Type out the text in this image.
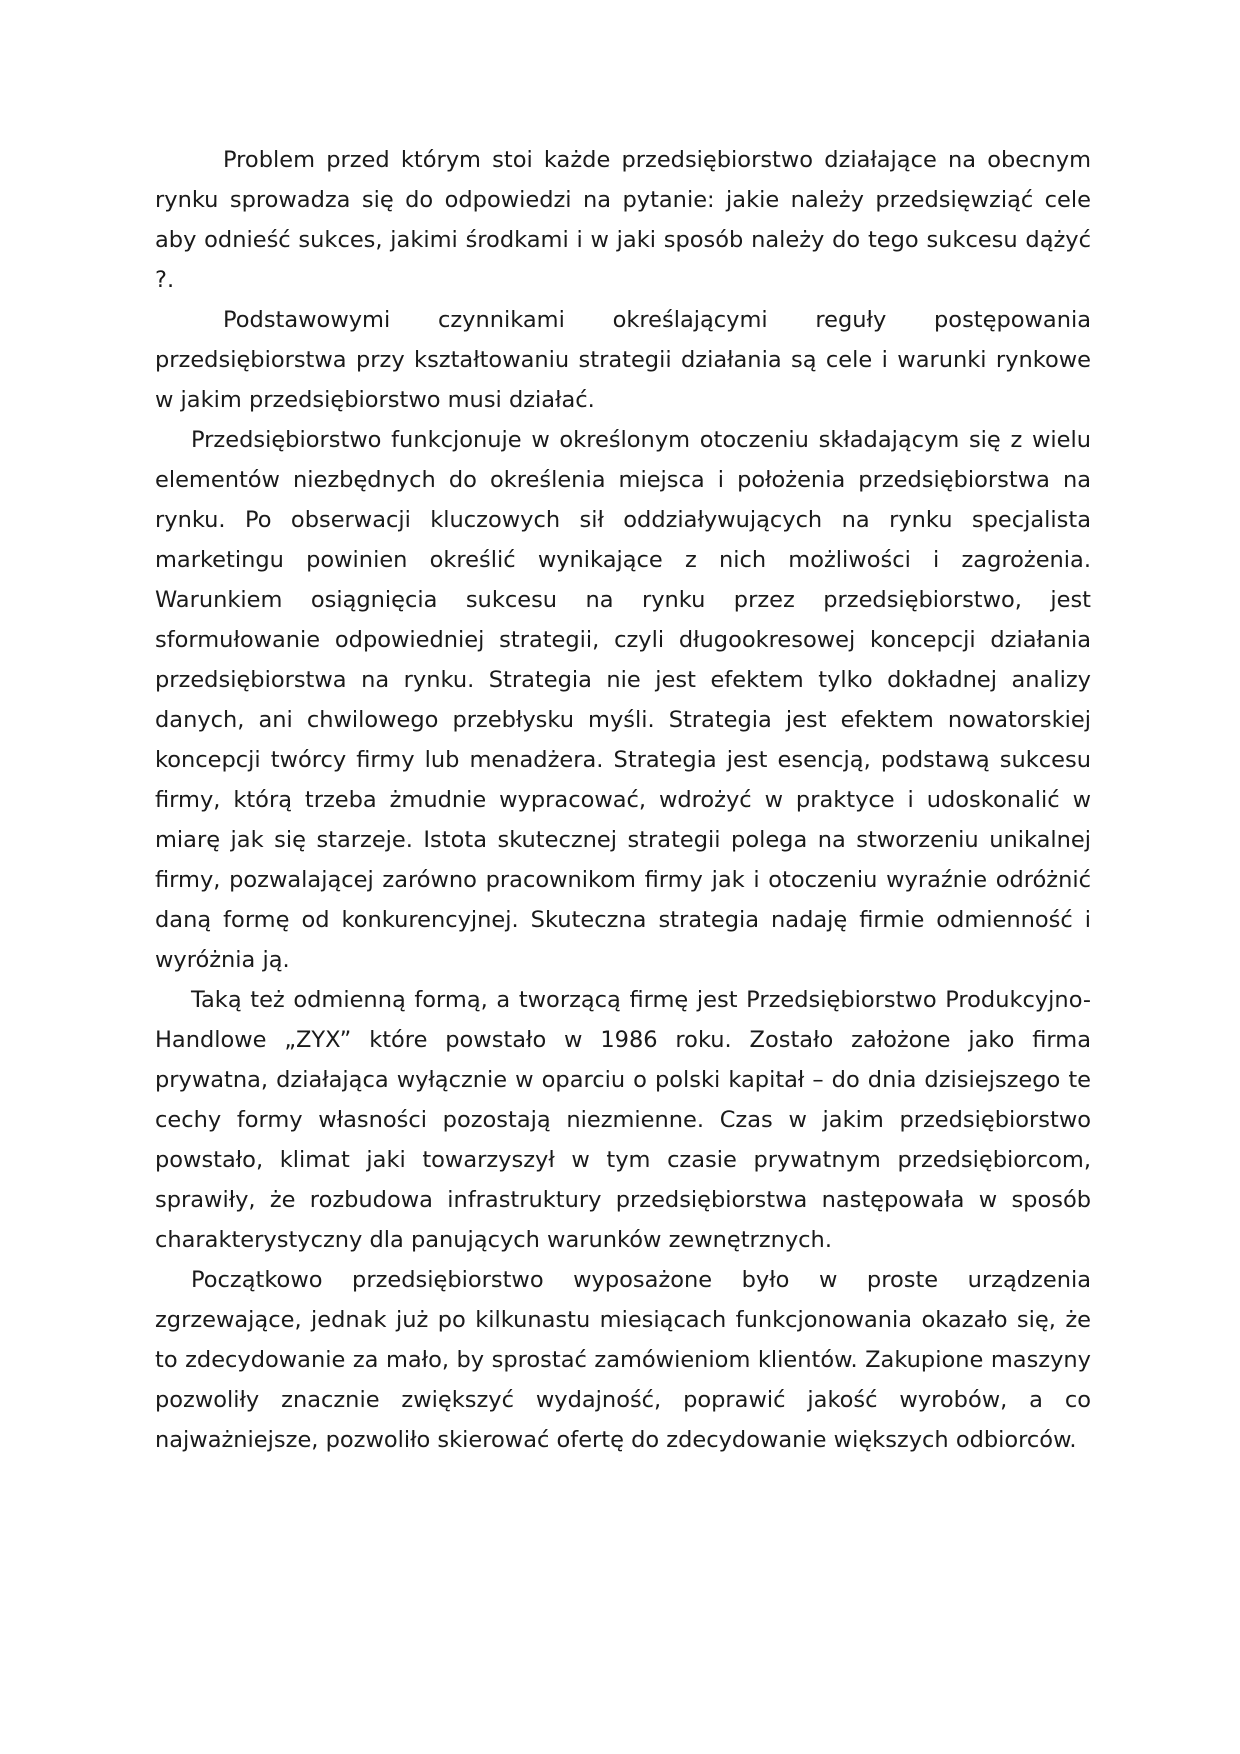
Problem przed którym stoi każde przedsiębiorstwo działające na obecnym rynku sprowadza się do odpowiedzi na pytanie: jakie należy przedsięwziąć cele aby odnieść sukces, jakimi środkami i w jaki sposób należy do tego sukcesu dążyć ?.

Podstawowymi czynnikami określającymi reguły postępowania przedsiębiorstwa przy kształtowaniu strategii działania są cele i warunki rynkowe w jakim przedsiębiorstwo musi działać.

Przedsiębiorstwo funkcjonuje w określonym otoczeniu składającym się z wielu elementów niezbędnych do określenia miejsca i położenia przedsiębiorstwa na rynku. Po obserwacji kluczowych sił oddziaływujących na rynku specjalista marketingu powinien określić wynikające z nich możliwości i zagrożenia. Warunkiem osiągnięcia sukcesu na rynku przez przedsiębiorstwo, jest sformułowanie odpowiedniej strategii, czyli długookresowej koncepcji działania przedsiębiorstwa na rynku. Strategia nie jest efektem tylko dokładnej analizy danych, ani chwilowego przebłysku myśli. Strategia jest efektem nowatorskiej koncepcji twórcy firmy lub menadżera. Strategia jest esencją, podstawą sukcesu firmy, którą trzeba żmudnie wypracować, wdrożyć w praktyce i udoskonalić w miarę jak się starzeje. Istota skutecznej strategii polega na stworzeniu unikalnej firmy, pozwalającej zarówno pracownikom firmy jak i otoczeniu wyraźnie odróżnić daną formę od konkurencyjnej. Skuteczna strategia nadaję firmie odmienność i wyróżnia ją.

Taką też odmienną formą, a tworzącą firmę jest Przedsiębiorstwo Produkcyjno-Handlowe „ZYX” które powstało w 1986 roku. Zostało założone jako firma prywatna, działająca wyłącznie w oparciu o polski kapitał – do dnia dzisiejszego te cechy formy własności pozostają niezmienne. Czas w jakim przedsiębiorstwo powstało, klimat jaki towarzyszył w tym czasie prywatnym przedsiębiorcom, sprawiły, że rozbudowa infrastruktury przedsiębiorstwa następowała w sposób charakterystyczny dla panujących warunków zewnętrznych.

Początkowo przedsiębiorstwo wyposażone było w proste urządzenia zgrzewające, jednak już po kilkunastu miesiącach funkcjonowania okazało się, że to zdecydowanie za mało, by sprostać zamówieniom klientów. Zakupione maszyny pozwoliły znacznie zwiększyć wydajność, poprawić jakość wyrobów, a co najważniejsze, pozwoliło skierować ofertę do zdecydowanie większych odbiorców.
